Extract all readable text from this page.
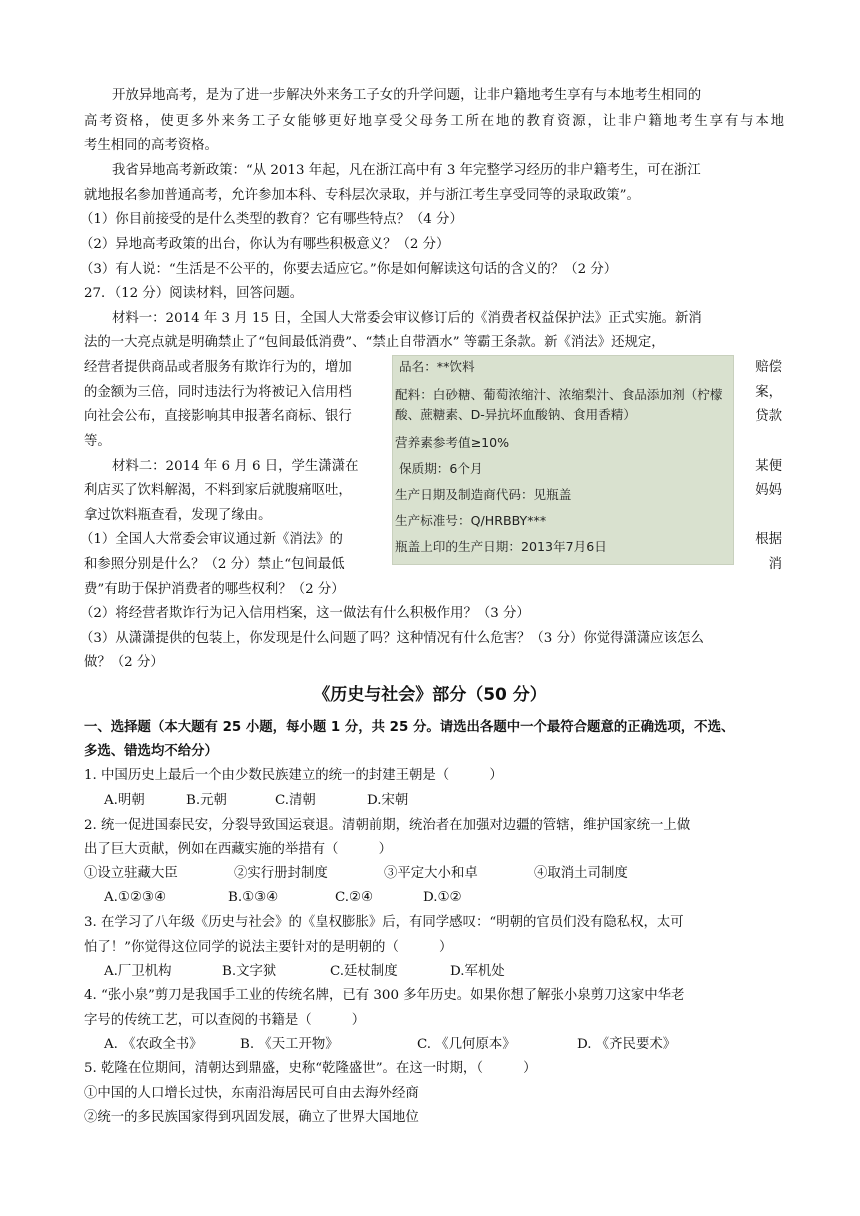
开放异地高考，是为了进一步解决外来务工子女的升学问题，让非户籍地考生享有与本地考生相同的
高考资格，使更多外来务工子女能够更好地享受父母务工所在地的教育资源，让非户籍地考生享有与本地
考生相同的高考资格。
我省异地高考新政策：“从 2013 年起，凡在浙江高中有 3 年完整学习经历的非户籍考生，可在浙江
就地报名参加普通高考，允许参加本科、专科层次录取，并与浙江考生享受同等的录取政策”。
（1）你目前接受的是什么类型的教育？它有哪些特点？（4 分）
（2）异地高考政策的出台，你认为有哪些积极意义？（2 分）
（3）有人说：“生活是不公平的，你要去适应它。”你是如何解读这句话的含义的？（2 分）
27．（12 分）阅读材料，回答问题。
材料一：2014 年 3 月 15 日，全国人大常委会审议修订后的《消费者权益保护法》正式实施。新消
法的一大亮点就是明确禁止了“包间最低消费”、“禁止自带酒水” 等霸王条款。新《消法》还规定，
经营者提供商品或者服务有欺诈行为的，增加
的金额为三倍，同时违法行为将被记入信用档
向社会公布，直接影响其申报著名商标、银行
等。
赔偿
案，
贷款
材料二：2014 年 6 月 6 日，学生潇潇在
利店买了饮料解渴，不料到家后就腹痛呕吐，
拿过饮料瓶查看，发现了缘由。
某便
妈妈
（1）全国人大常委会审议通过新《消法》的
和参照分别是什么？（2 分）禁止“包间最低
费”有助于保护消费者的哪些权利？（2 分）
根据
消
品名：**饮料
配料：白砂糖、葡萄浓缩汁、浓缩梨汁、食品添加剂（柠檬
酸、蔗糖素、D-异抗坏血酸钠、食用香精）
营养素参考值≥10%
保质期：6个月
生产日期及制造商代码：见瓶盖
生产标准号：Q/HRBBY***
瓶盖上印的生产日期：2013年7月6日
（2）将经营者欺诈行为记入信用档案，这一做法有什么积极作用？（3 分）
（3）从潇潇提供的包装上，你发现是什么问题了吗？这种情况有什么危害？（3 分）你觉得潇潇应该怎么
做？（2 分）
《历史与社会》部分（50 分）
一、选择题（本大题有 25 小题，每小题 1 分，共 25 分。请选出各题中一个最符合题意的正确选项，不选、
多选、错选均不给分）
1. 中国历史上最后一个由少数民族建立的统一的封建王朝是（　　　）
A.明朝	B.元朝	C.清朝	D.宋朝
2. 统一促进国泰民安，分裂导致国运衰退。清朝前期，统治者在加强对边疆的管辖，维护国家统一上做
出了巨大贡献，例如在西藏实施的举措有（　　　）
①设立驻藏大臣	②实行册封制度	③平定大小和卓	④取消土司制度
A.①②③④	B.①③④	C.②④	D.①②
3. 在学习了八年级《历史与社会》的《皇权膨胀》后，有同学感叹：“明朝的官员们没有隐私权，太可
怕了！”你觉得这位同学的说法主要针对的是明朝的（　　　）
A.厂卫机构	B.文字狱	C.廷杖制度	D.军机处
4. “张小泉”剪刀是我国手工业的传统名牌，已有 300 多年历史。如果你想了解张小泉剪刀这家中华老
字号的传统工艺，可以查阅的书籍是（　　　）
A. 《农政全书》	B. 《天工开物》	C. 《几何原本》	D. 《齐民要术》
5. 乾隆在位期间，清朝达到鼎盛，史称“乾隆盛世”。在这一时期，（　　　）
①中国的人口增长过快，东南沿海居民可自由去海外经商
②统一的多民族国家得到巩固发展，确立了世界大国地位
